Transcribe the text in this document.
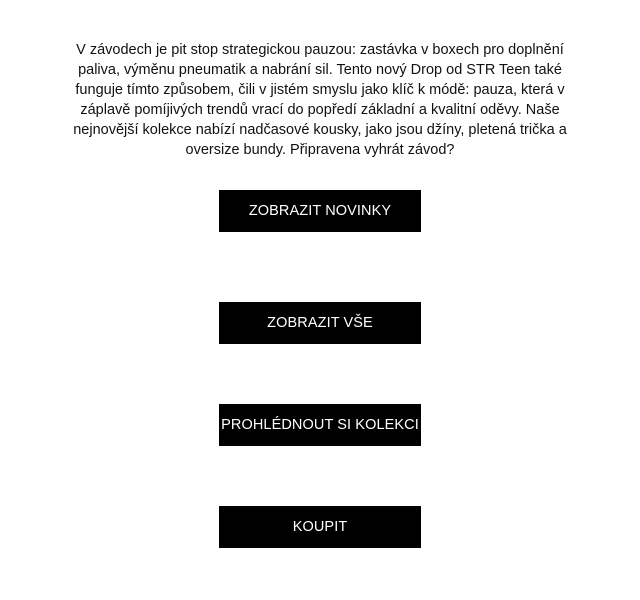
V závodech je pit stop strategickou pauzou: zastávka v boxech pro doplnění paliva, výměnu pneumatik a nabrání sil. Tento nový Drop od STR Teen také funguje tímto způsobem, čili v jistém smyslu jako klíč k módě: pauza, která v záplavě pomíjivých trendů vrací do popředí základní a kvalitní oděvy. Naše nejnovější kolekce nabízí nadčasové kousky, jako jsou džíny, pletená trička a oversize bundy. Připravena vyhrát závod?

ZOBRAZIT NOVINKY
ZOBRAZIT VŠE
PROHLÉDNOUT SI KOLEKCI
KOUPIT
